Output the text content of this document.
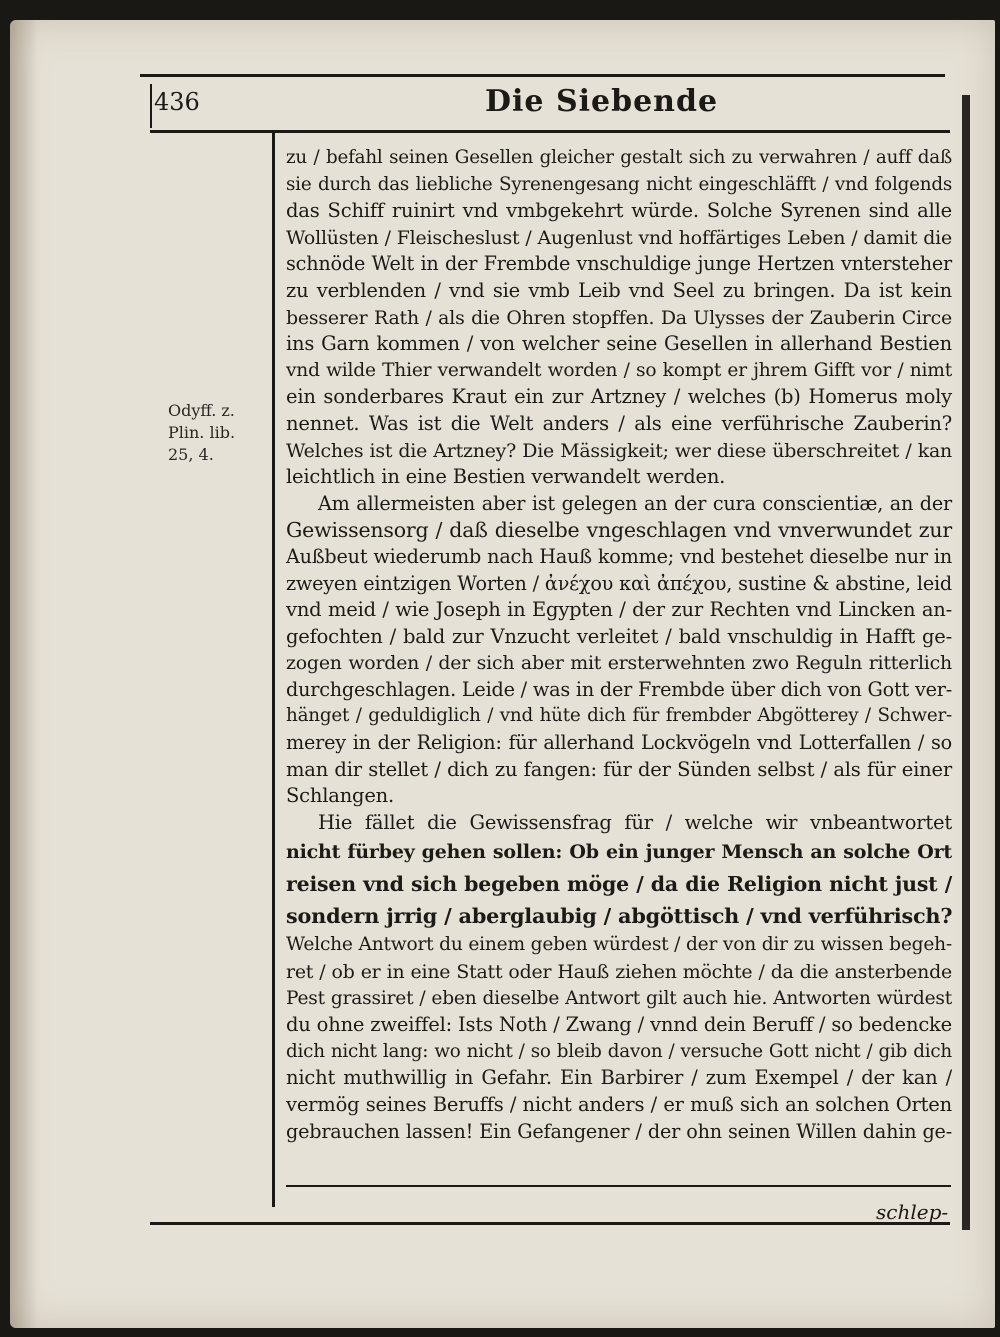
436	Die Siebende
Odyff. z.
Plin. lib.
25, 4.
zu / befahl seinen Gesellen gleicher gestalt sich zu verwahren / auff daß
sie durch das liebliche Syrenengesang nicht eingeschläfft / vnd folgends
das Schiff ruinirt vnd vmbgekehrt würde. Solche Syrenen sind alle
Wollüsten / Fleischeslust / Augenlust vnd hoffärtiges Leben / damit die
schnöde Welt in der Frembde vnschuldige junge Hertzen vntersteher
zu verblenden / vnd sie vmb Leib vnd Seel zu bringen. Da ist kein
besserer Rath / als die Ohren stopffen. Da Ulysses der Zauberin Circe
ins Garn kommen / von welcher seine Gesellen in allerhand Bestien
vnd wilde Thier verwandelt worden / so kompt er jhrem Gifft vor / nimt
ein sonderbares Kraut ein zur Artzney / welches (b) Homerus moly
nennet. Was ist die Welt anders / als eine verführische Zauberin?
Welches ist die Artzney? Die Mässigkeit; wer diese überschreitet / kan
leichtlich in eine Bestien verwandelt werden.
Am allermeisten aber ist gelegen an der cura conscientiæ, an der
Gewissensorg / daß dieselbe vngeschlagen vnd vnverwundet zur
Außbeut wiederumb nach Hauß komme; vnd bestehet dieselbe nur in
zweyen eintzigen Worten / ἀνέχου καὶ ἀπέχου, sustine & abstine, leid
vnd meid / wie Joseph in Egypten / der zur Rechten vnd Lincken an-
gefochten / bald zur Vnzucht verleitet / bald vnschuldig in Hafft ge-
zogen worden / der sich aber mit ersterwehnten zwo Reguln ritterlich
durchgeschlagen. Leide / was in der Frembde über dich von Gott ver-
hänget / geduldiglich / vnd hüte dich für frembder Abgötterey / Schwer-
merey in der Religion: für allerhand Lockvögeln vnd Lotterfallen / so
man dir stellet / dich zu fangen: für der Sünden selbst / als für einer
Schlangen.
Hie fället die Gewissensfrag für / welche wir vnbeantwortet
nicht fürbey gehen sollen: Ob ein junger Mensch an solche Ort
reisen vnd sich begeben möge / da die Religion nicht just /
sondern jrrig / aberglaubig / abgöttisch / vnd verführisch?
Welche Antwort du einem geben würdest / der von dir zu wissen begeh-
ret / ob er in eine Statt oder Hauß ziehen möchte / da die ansterbende
Pest grassiret / eben dieselbe Antwort gilt auch hie. Antworten würdest
du ohne zweiffel: Ists Noth / Zwang / vnnd dein Beruff / so bedencke
dich nicht lang: wo nicht / so bleib davon / versuche Gott nicht / gib dich
nicht muthwillig in Gefahr. Ein Barbirer / zum Exempel / der kan /
vermög seines Beruffs / nicht anders / er muß sich an solchen Orten
gebrauchen lassen! Ein Gefangener / der ohn seinen Willen dahin ge-
schlep-
